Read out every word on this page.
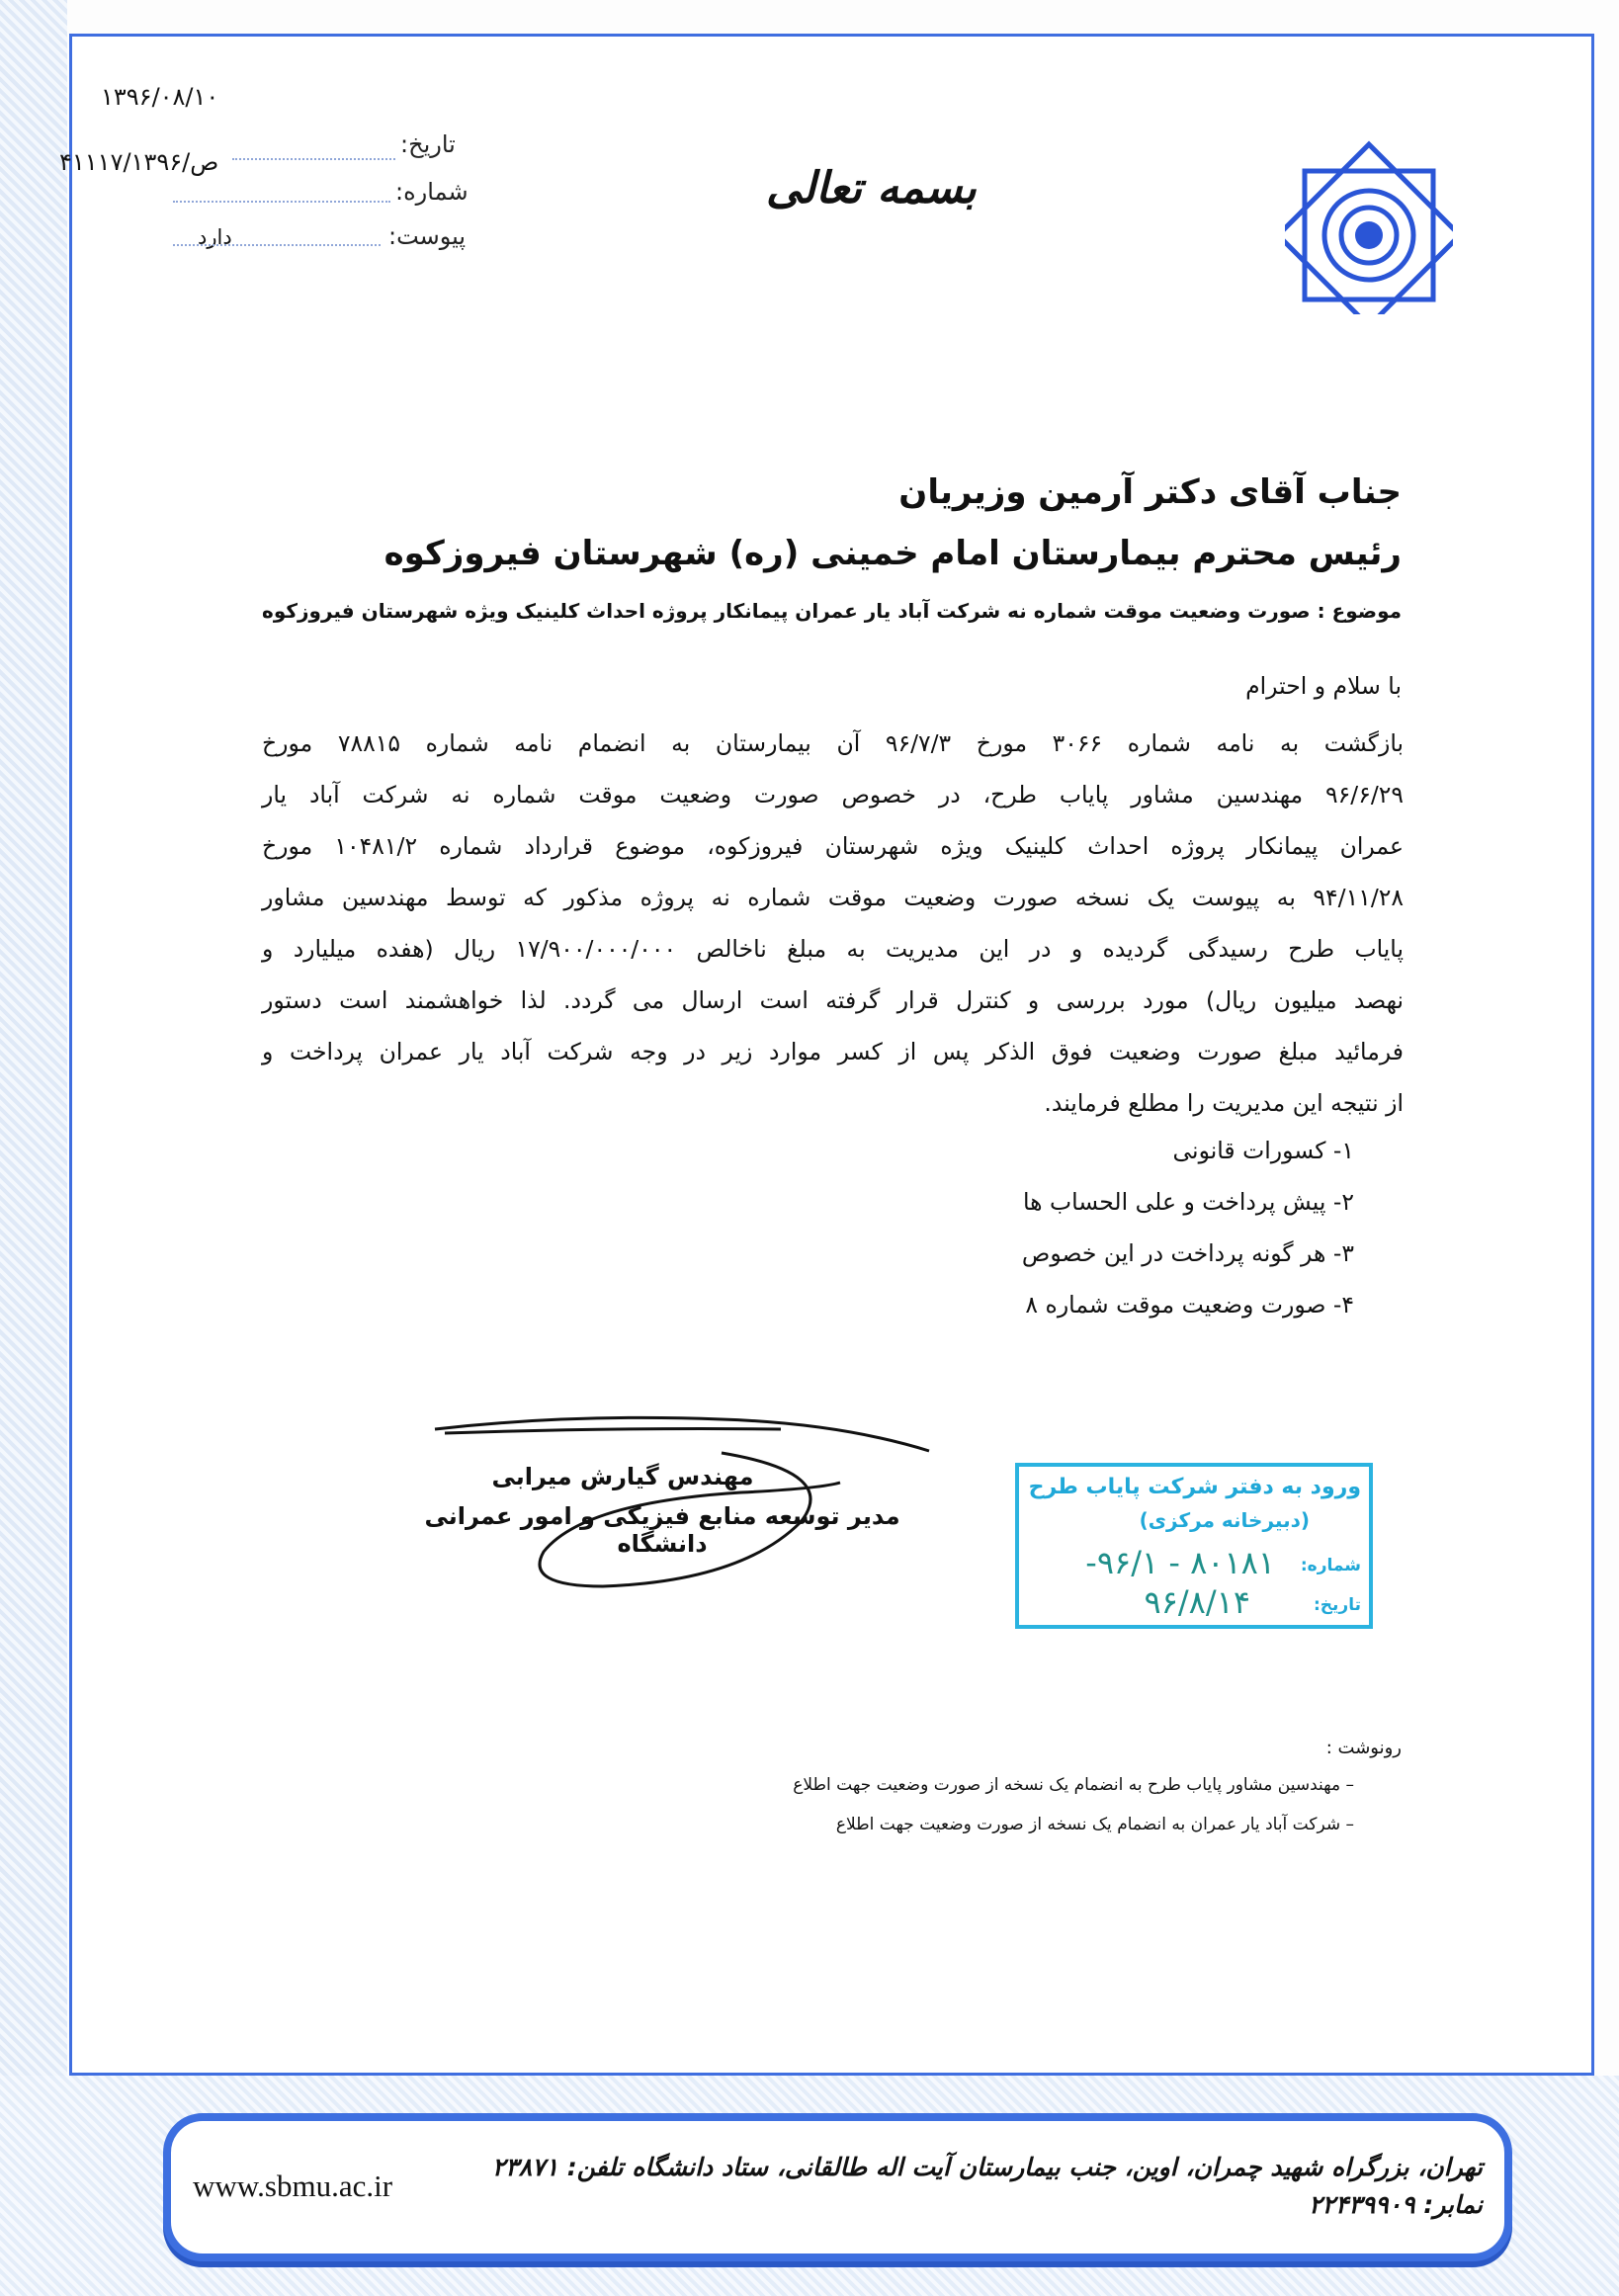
۱۳۹۶/۰۸/۱۰
۴۱۱۱۷/ص/۱۳۹۶
دارد
تاریخ:
شماره:
پیوست:
بسمه تعالی
جناب آقای دکتر آرمین وزیریان
رئیس محترم بیمارستان امام خمینی (ره) شهرستان فیروزکوه
موضوع : صورت وضعیت موقت شماره نه شرکت آباد یار عمران پیمانکار پروژه احداث کلینیک ویژه شهرستان فیروزکوه
با سلام و احترام
بازگشت به نامه شماره ۳۰۶۶ مورخ ۹۶/۷/۳ آن بیمارستان به انضمام نامه شماره ۷۸۸۱۵ مورخ
۹۶/۶/۲۹ مهندسین مشاور پایاب طرح، در خصوص صورت وضعیت موقت شماره نه شرکت آباد یار
عمران پیمانکار پروژه احداث کلینیک ویژه شهرستان فیروزکوه، موضوع قرارداد شماره ۱۰۴۸۱/۲ مورخ
۹۴/۱۱/۲۸ به پیوست یک نسخه صورت وضعیت موقت شماره نه پروژه مذکور که توسط مهندسین مشاور
پایاب طرح رسیدگی گردیده و در این مدیریت به مبلغ ناخالص ۱۷/۹۰۰/۰۰۰/۰۰۰ ریال (هفده میلیارد و
نهصد میلیون ریال) مورد بررسی و کنترل قرار گرفته است ارسال می گردد. لذا خواهشمند است دستور
فرمائید مبلغ صورت وضعیت فوق الذکر پس از کسر موارد زیر در وجه شرکت آباد یار عمران پرداخت و
از نتیجه این مدیریت را مطلع فرمایند.
۱- کسورات قانونی
۲- پیش پرداخت و علی الحساب ها
۳- هر گونه پرداخت در این خصوص
۴- صورت وضعیت موقت شماره ۸
مهندس گیارش میرابی
مدیر توسعه منابع فیزیکی و امور عمرانی دانشگاه
ورود به دفتر شرکت پایاب طرح
(دبیرخانه مرکزی)
شماره:
۸۰۱۸۱ - ۹۶/۱-
تاریخ:
۹۶/۸/۱۴
رونوشت :
– مهندسین مشاور پایاب طرح به انضمام یک نسخه از صورت وضعیت جهت اطلاع
– شرکت آباد یار عمران به انضمام یک نسخه از صورت وضعیت جهت اطلاع
www.sbmu.ac.ir
تهران، بزرگراه شهید چمران، اوین، جنب بیمارستان آیت اله طالقانی، ستاد دانشگاه تلفن: ۲۳۸۷۱ نمابر: ۲۲۴۳۹۹۰۹
